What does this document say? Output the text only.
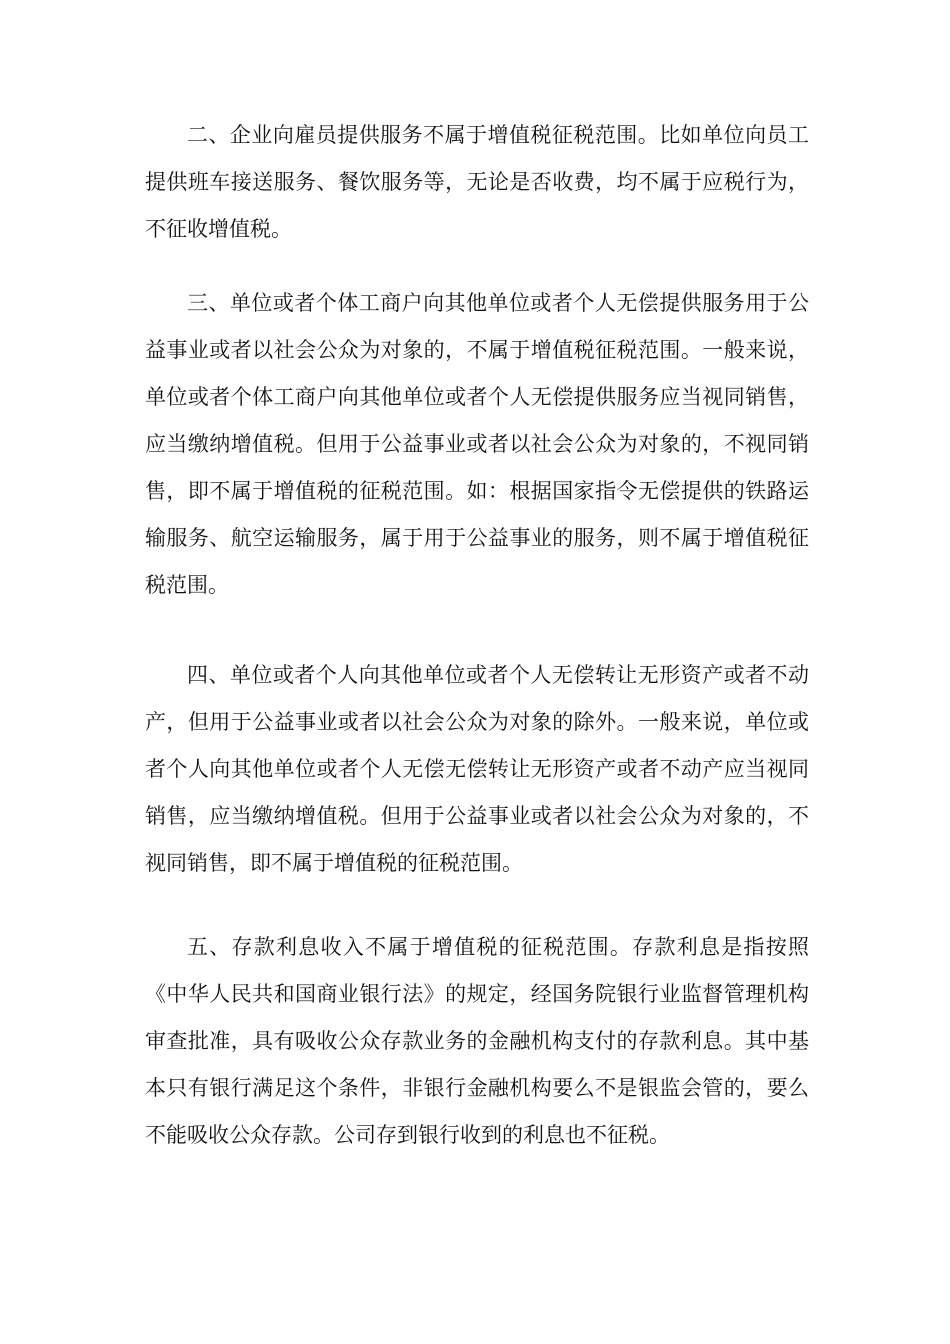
二、企业向雇员提供服务不属于增值税征税范围。比如单位向员工提供班车接送服务、餐饮服务等，无论是否收费，均不属于应税行为，不征收增值税。

三、单位或者个体工商户向其他单位或者个人无偿提供服务用于公益事业或者以社会公众为对象的，不属于增值税征税范围。一般来说，单位或者个体工商户向其他单位或者个人无偿提供服务应当视同销售，应当缴纳增值税。但用于公益事业或者以社会公众为对象的，不视同销售，即不属于增值税的征税范围。如：根据国家指令无偿提供的铁路运输服务、航空运输服务，属于用于公益事业的服务，则不属于增值税征税范围。

四、单位或者个人向其他单位或者个人无偿转让无形资产或者不动产，但用于公益事业或者以社会公众为对象的除外。一般来说，单位或者个人向其他单位或者个人无偿无偿转让无形资产或者不动产应当视同销售，应当缴纳增值税。但用于公益事业或者以社会公众为对象的，不视同销售，即不属于增值税的征税范围。

五、存款利息收入不属于增值税的征税范围。存款利息是指按照《中华人民共和国商业银行法》的规定，经国务院银行业监督管理机构审查批准，具有吸收公众存款业务的金融机构支付的存款利息。其中基本只有银行满足这个条件，非银行金融机构要么不是银监会管的，要么不能吸收公众存款。公司存到银行收到的利息也不征税。
